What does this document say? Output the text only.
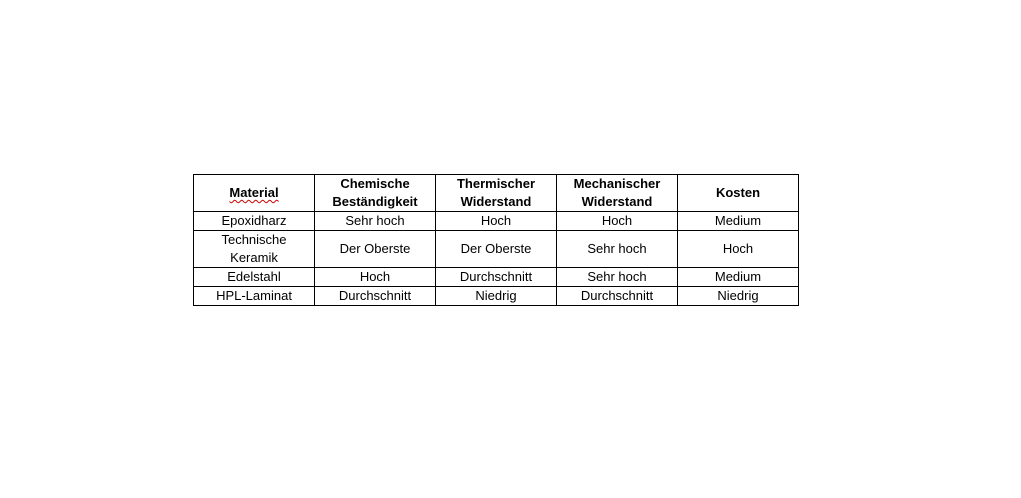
Material	Chemische Beständigkeit	Thermischer Widerstand	Mechanischer Widerstand	Kosten
Epoxidharz	Sehr hoch	Hoch	Hoch	Medium
Technische Keramik	Der Oberste	Der Oberste	Sehr hoch	Hoch
Edelstahl	Hoch	Durchschnitt	Sehr hoch	Medium
HPL-Laminat	Durchschnitt	Niedrig	Durchschnitt	Niedrig
